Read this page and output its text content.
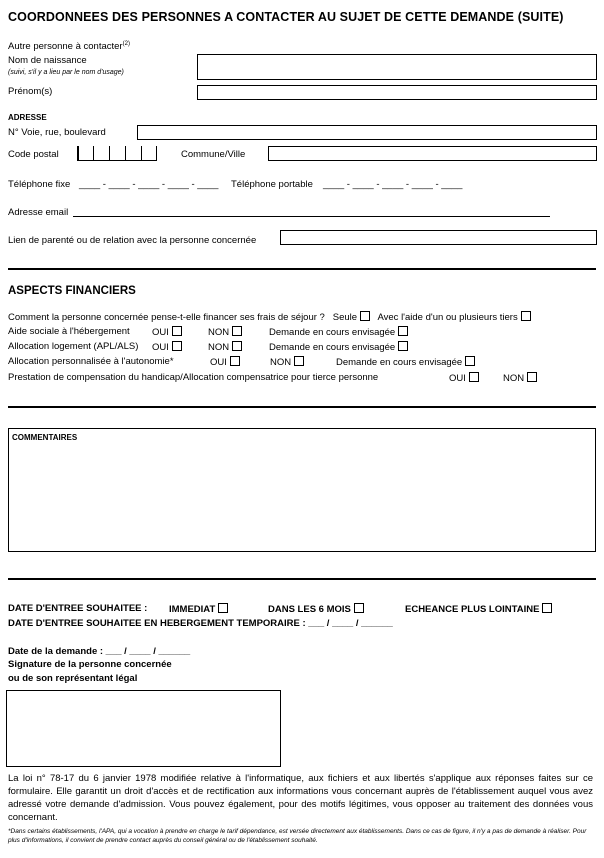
COORDONNEES DES PERSONNES A CONTACTER AU SUJET DE CETTE DEMANDE (SUITE)
Autre personne à contacter$^{(2)}$
Nom de naissance
(suivi, s'il y a lieu par le nom d'usage)
Prénom(s)
ADRESSE
N° Voie, rue, boulevard
Code postal	Commune/Ville
Téléphone fixe ____ - ____ - ____ - ____ - ____ Téléphone portable ____ - ____ - ____ - ____ - ____
Adresse email
Lien de parenté ou de relation avec la personne concernée
ASPECTS FINANCIERS
Comment la personne concernée pense-t-elle financer ses frais de séjour ? Seule Avec l'aide d'un ou plusieurs tiers
Aide sociale à l'hébergement OUI	NON	Demande en cours envisagée
Allocation logement (APL/ALS) OUI	NON	Demande en cours envisagée
Allocation personnalisée à l'autonomie*	OUI	NON	Demande en cours envisagée
Prestation de compensation du handicap/Allocation compensatrice pour tierce personne	OUI	NON
COMMENTAIRES
DATE D'ENTREE SOUHAITEE : IMMEDIAT	DANS LES 6 MOIS	ECHEANCE PLUS LOINTAINE
DATE D'ENTREE SOUHAITEE EN HEBERGEMENT TEMPORAIRE : ___ / ____ / ______
Date de la demande : ___ / ____ / ______
Signature de la personne concernée
ou de son représentant légal
La loi n° 78-17 du 6 janvier 1978 modifiée relative à l'informatique, aux fichiers et aux libertés s'applique aux réponses faites sur ce formulaire. Elle garantit un droit d'accès et de rectification aux informations vous concernant auprès de l'établissement auquel vous avez adressé votre demande d'admission. Vous pouvez également, pour des motifs légitimes, vous opposer au traitement des données vous concernant.
*Dans certains établissements, l'APA, qui a vocation à prendre en charge le tarif dépendance, est versée directement aux établissements. Dans ce cas de figure, il n'y a pas de demande à réaliser. Pour plus d'informations, il convient de prendre contact auprès du conseil général ou de l'établissement souhaité.
